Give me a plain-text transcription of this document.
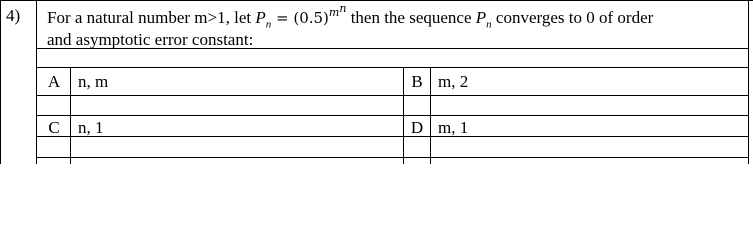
4) For a natural number m>1, let $P_n = (0.5)^{m^n}$ then the sequence $P_n$ converges to 0 of order
and asymptotic error constant:
A	n, m	B m, 2
C	n, 1	D m, 1
